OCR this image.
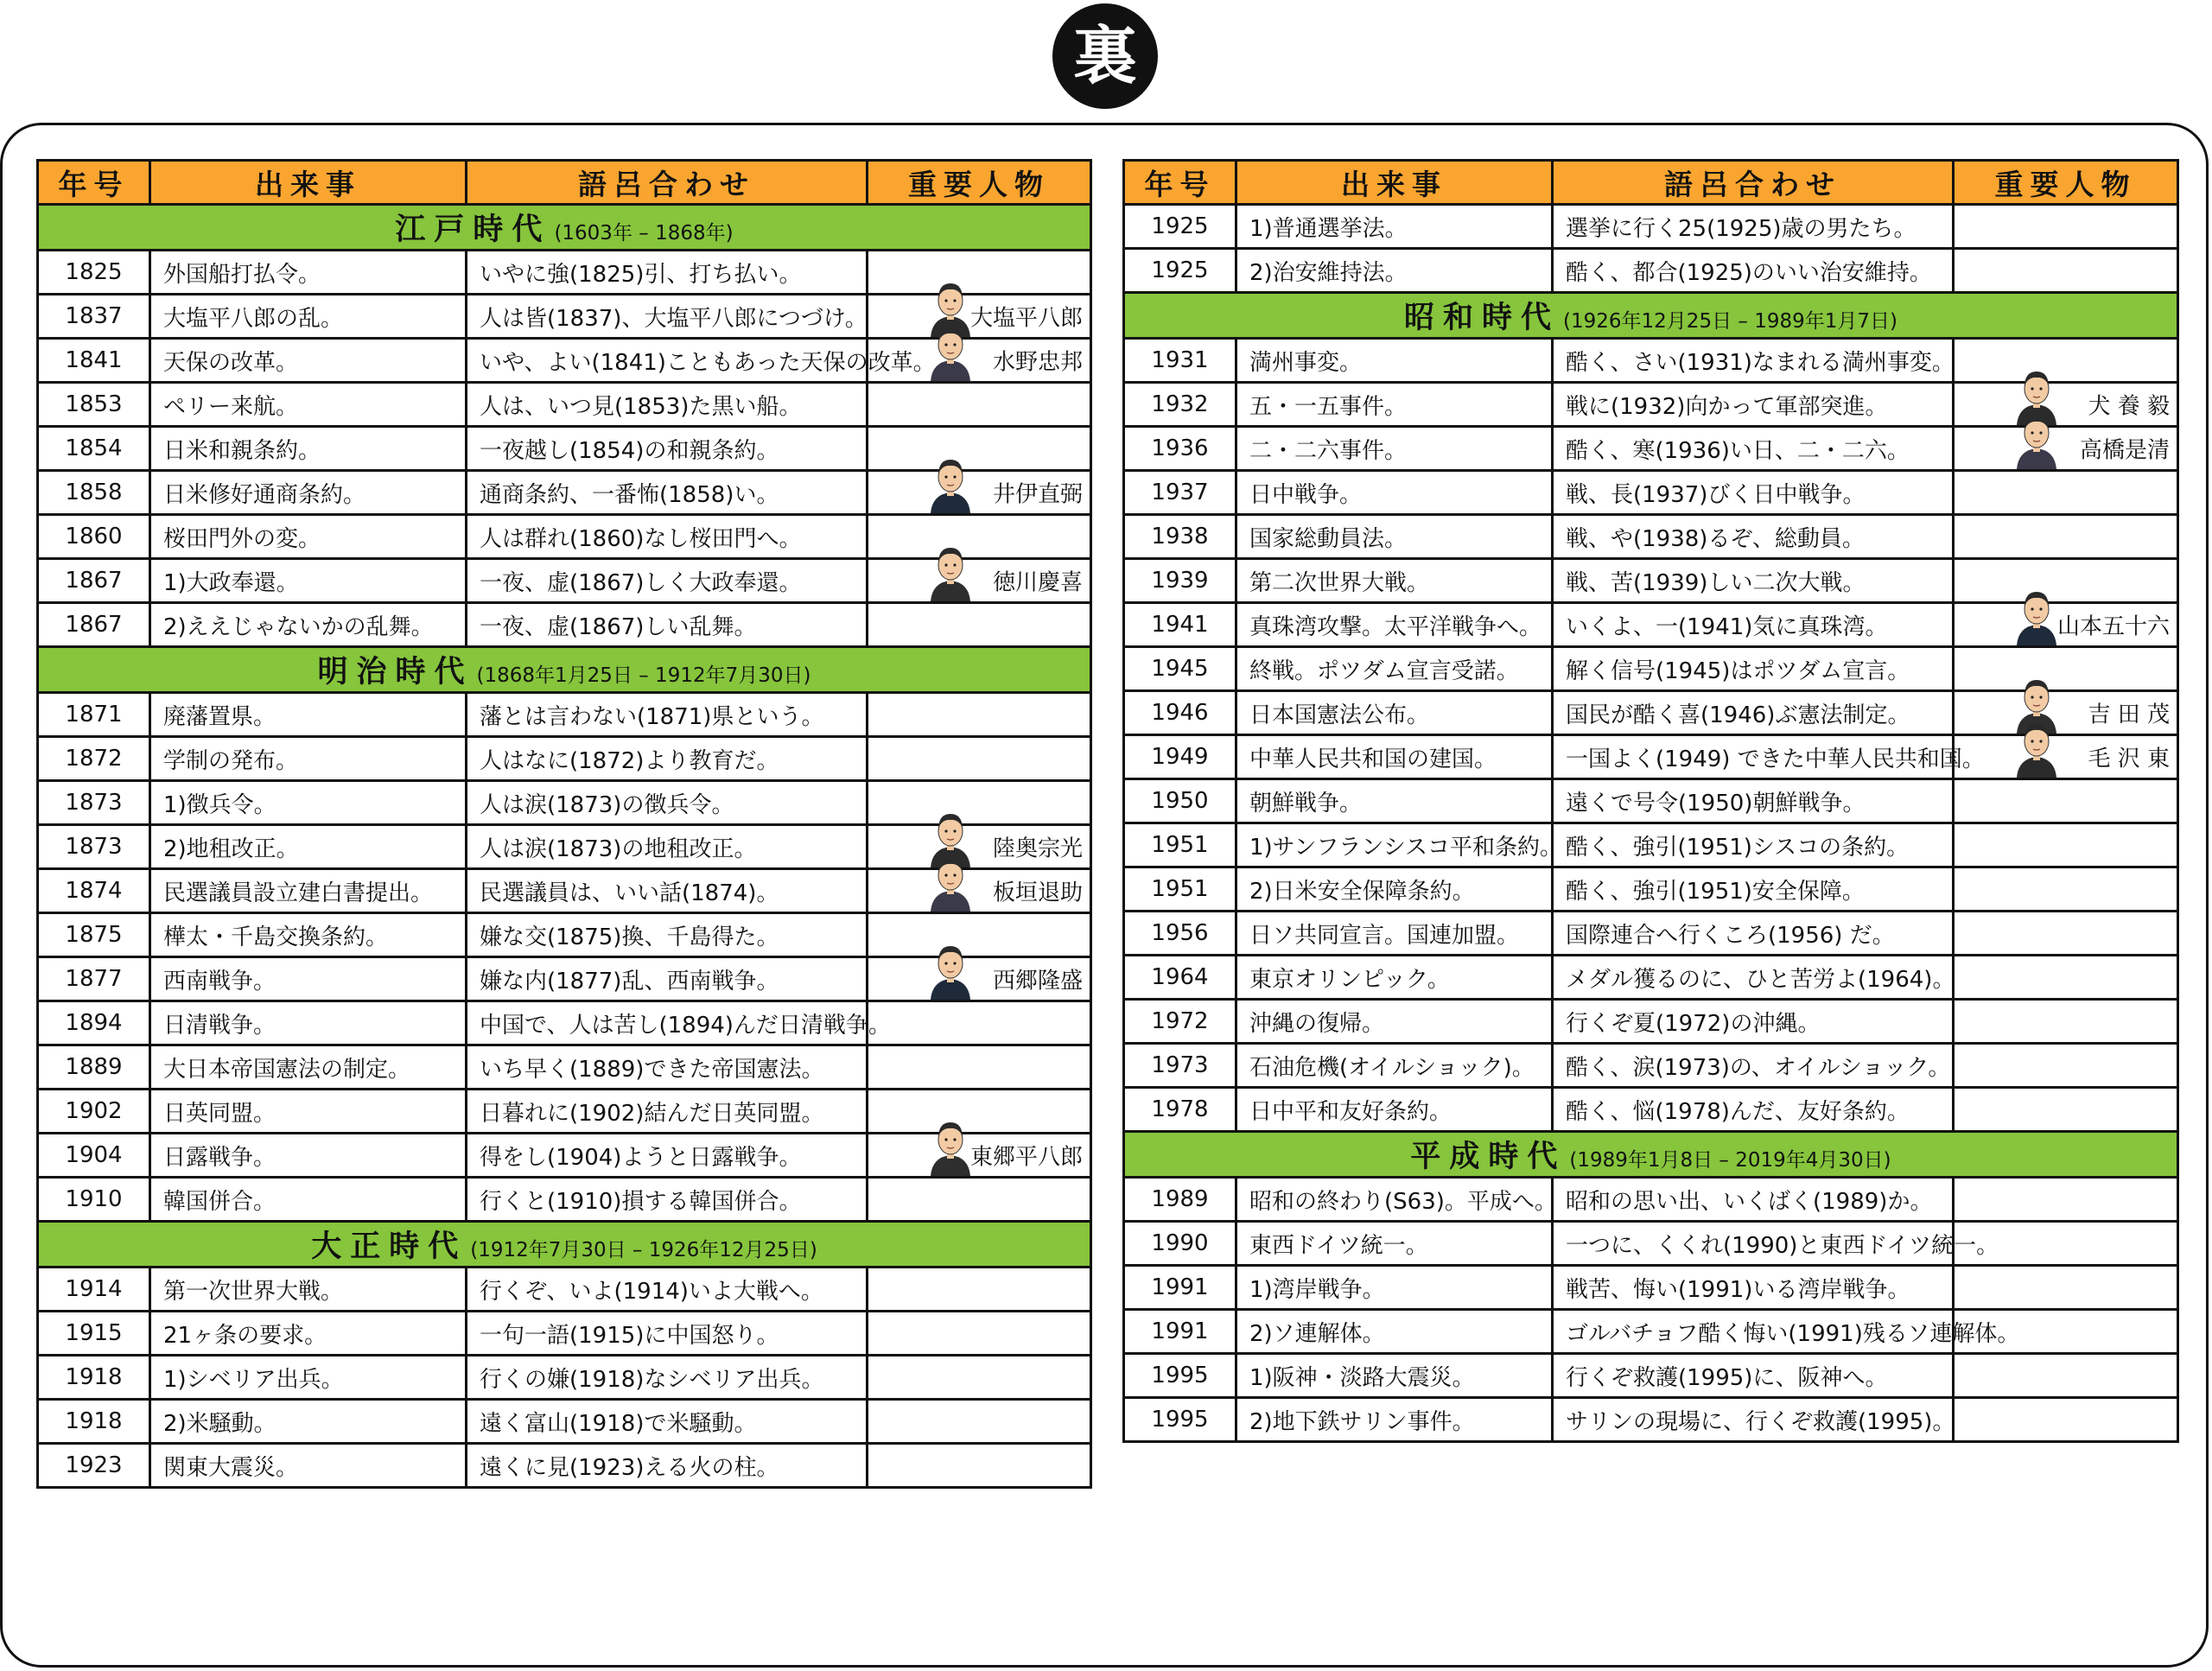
裏
年号	出来事	語呂合わせ	重要人物
江戸時代 (1603年 – 1868年)			
1825	外国船打払令。	いやに強(1825)引、打ち払い。	
1837	大塩平八郎の乱。	人は皆(1837)、大塩平八郎につづけ。	大塩平八郎

1841	天保の改革。	いや、よい(1841)こともあった天保の改革。	水野忠邦

1853	ペリー来航。	人は、いつ見(1853)た黒い船。	
1854	日米和親条約。	一夜越し(1854)の和親条約。	
1858	日米修好通商条約。	通商条約、一番怖(1858)い。	井伊直弼

1860	桜田門外の変。	人は群れ(1860)なし桜田門へ。	
1867	1)大政奉還。	一夜、虚(1867)しく大政奉還。	徳川慶喜

1867	2)ええじゃないかの乱舞。	一夜、虚(1867)しい乱舞。	
明治時代 (1868年1月25日 – 1912年7月30日)			
1871	廃藩置県。	藩とは言わない(1871)県という。	
1872	学制の発布。	人はなに(1872)より教育だ。	
1873	1)徴兵令。	人は涙(1873)の徴兵令。	
1873	2)地租改正。	人は涙(1873)の地租改正。	陸奥宗光

1874	民選議員設立建白書提出。	民選議員は、いい話(1874)。	板垣退助

1875	樺太・千島交換条約。	嫌な交(1875)換、千島得た。	
1877	西南戦争。	嫌な内(1877)乱、西南戦争。	西郷隆盛

1894	日清戦争。	中国で、人は苦し(1894)んだ日清戦争。	
1889	大日本帝国憲法の制定。	いち早く(1889)できた帝国憲法。	
1902	日英同盟。	日暮れに(1902)結んだ日英同盟。	
1904	日露戦争。	得をし(1904)ようと日露戦争。	東郷平八郎

1910	韓国併合。	行くと(1910)損する韓国併合。	
大正時代 (1912年7月30日 – 1926年12月25日)			
1914	第一次世界大戦。	行くぞ、いよ(1914)いよ大戦へ。	
1915	21ヶ条の要求。	一句一語(1915)に中国怒り。	
1918	1)シベリア出兵。	行くの嫌(1918)なシベリア出兵。	
1918	2)米騒動。	遠く富山(1918)で米騒動。	
1923	関東大震災。	遠くに見(1923)える火の柱。	
年号	出来事	語呂合わせ	重要人物
1925	1)普通選挙法。	選挙に行く25(1925)歳の男たち。	
1925	2)治安維持法。	酷く、都合(1925)のいい治安維持。	
昭和時代 (1926年12月25日 – 1989年1月7日)			
1931	満州事変。	酷く、さい(1931)なまれる満州事変。	
1932	五・一五事件。	戦に(1932)向かって軍部突進。	犬 養 毅

1936	二・二六事件。	酷く、寒(1936)い日、二・二六。	高橋是清

1937	日中戦争。	戦、長(1937)びく日中戦争。	
1938	国家総動員法。	戦、や(1938)るぞ、総動員。	
1939	第二次世界大戦。	戦、苦(1939)しい二次大戦。	
1941	真珠湾攻撃。太平洋戦争へ。	いくよ、一(1941)気に真珠湾。	山本五十六

1945	終戦。ポツダム宣言受諾。	解く信号(1945)はポツダム宣言。	
1946	日本国憲法公布。	国民が酷く喜(1946)ぶ憲法制定。	吉 田 茂

1949	中華人民共和国の建国。	一国よく(1949) できた中華人民共和国。	毛 沢 東

1950	朝鮮戦争。	遠くで号令(1950)朝鮮戦争。	
1951	1)サンフランシスコ平和条約。	酷く、強引(1951)シスコの条約。	
1951	2)日米安全保障条約。	酷く、強引(1951)安全保障。	
1956	日ソ共同宣言。国連加盟。	国際連合へ行くころ(1956) だ。	
1964	東京オリンピック。	メダル獲るのに、ひと苦労よ(1964)。	
1972	沖縄の復帰。	行くぞ夏(1972)の沖縄。	
1973	石油危機(オイルショック)。	酷く、涙(1973)の、オイルショック。	
1978	日中平和友好条約。	酷く、悩(1978)んだ、友好条約。	
平成時代 (1989年1月8日 – 2019年4月30日)			
1989	昭和の終わり(S63)。平成へ。	昭和の思い出、いくばく(1989)か。	
1990	東西ドイツ統一。	一つに、くくれ(1990)と東西ドイツ統一。	
1991	1)湾岸戦争。	戦苦、悔い(1991)いる湾岸戦争。	
1991	2)ソ連解体。	ゴルバチョフ酷く悔い(1991)残るソ連解体。	
1995	1)阪神・淡路大震災。	行くぞ救護(1995)に、阪神へ。	
1995	2)地下鉄サリン事件。	サリンの現場に、行くぞ救護(1995)。	
